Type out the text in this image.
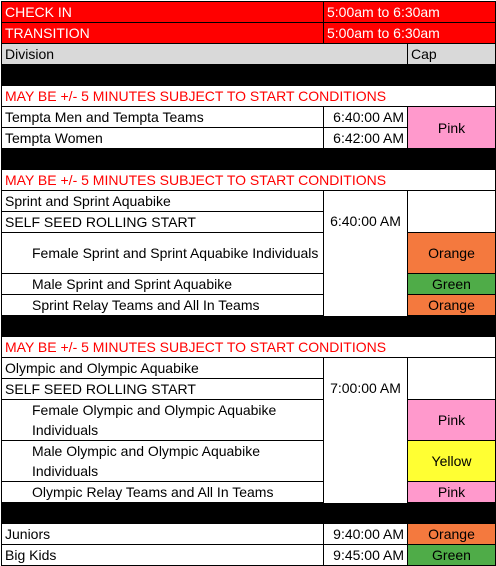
CHECK IN	5:00am to 6:30am	
TRANSITION	5:00am to 6:30am	
Division		Cap

MAY BE +/- 5 MINUTES SUBJECT TO START CONDITIONS		
Tempta Men and Tempta Teams	6:40:00 AM	Pink
Tempta Women	6:42:00 AM	

MAY BE +/- 5 MINUTES SUBJECT TO START CONDITIONS		
Sprint and Sprint Aquabike	6:40:00 AM	
SELF SEED ROLLING START		
Female Sprint and Sprint Aquabike Individuals		Orange
Male Sprint and Sprint Aquabike		Green
Sprint Relay Teams and All In Teams		Orange

MAY BE +/- 5 MINUTES SUBJECT TO START CONDITIONS		
Olympic and Olympic Aquabike	7:00:00 AM	
SELF SEED ROLLING START		
Female Olympic and Olympic Aquabike Individuals		Pink
Male Olympic and Olympic Aquabike Individuals		Yellow
Olympic Relay Teams and All In Teams		Pink

Juniors	9:40:00 AM	Orange
Big Kids	9:45:00 AM	Green
